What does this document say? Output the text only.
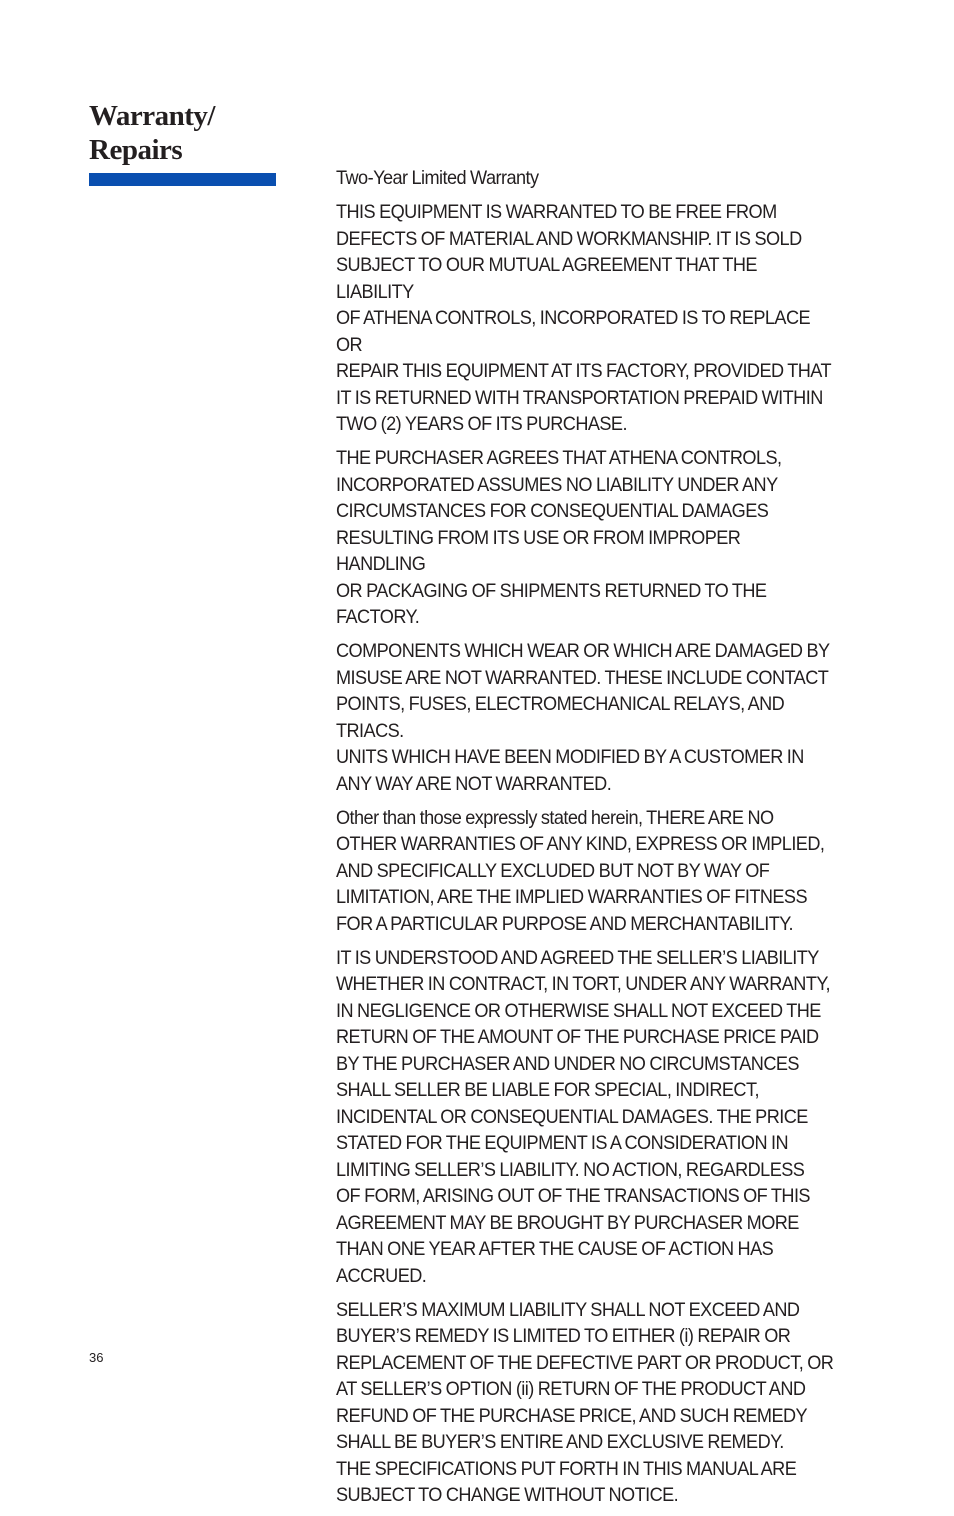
Warranty/
Repairs

Two-Year Limited Warranty

THIS EQUIPMENT IS WARRANTED TO BE FREE FROM
DEFECTS OF MATERIAL AND WORKMANSHIP. IT IS SOLD
SUBJECT TO OUR MUTUAL AGREEMENT THAT THE LIABILITY
OF ATHENA CONTROLS, INCORPORATED IS TO REPLACE OR
REPAIR THIS EQUIPMENT AT ITS FACTORY, PROVIDED THAT
IT IS RETURNED WITH TRANSPORTATION PREPAID WITHIN
TWO (2) YEARS OF ITS PURCHASE.

THE PURCHASER AGREES THAT ATHENA CONTROLS,
INCORPORATED ASSUMES NO LIABILITY UNDER ANY
CIRCUMSTANCES FOR CONSEQUENTIAL DAMAGES
RESULTING FROM ITS USE OR FROM IMPROPER HANDLING
OR PACKAGING OF SHIPMENTS RETURNED TO THE FACTORY.

COMPONENTS WHICH WEAR OR WHICH ARE DAMAGED BY
MISUSE ARE NOT WARRANTED. THESE INCLUDE CONTACT
POINTS, FUSES, ELECTROMECHANICAL RELAYS, AND TRIACS.
UNITS WHICH HAVE BEEN MODIFIED BY A CUSTOMER IN
ANY WAY ARE NOT WARRANTED.

Other than those expressly stated herein, THERE ARE NO
OTHER WARRANTIES OF ANY KIND, EXPRESS OR IMPLIED,
AND SPECIFICALLY EXCLUDED BUT NOT BY WAY OF
LIMITATION, ARE THE IMPLIED WARRANTIES OF FITNESS
FOR A PARTICULAR PURPOSE AND MERCHANTABILITY.

IT IS UNDERSTOOD AND AGREED THE SELLER’S LIABILITY
WHETHER IN CONTRACT, IN TORT, UNDER ANY WARRANTY,
IN NEGLIGENCE OR OTHERWISE SHALL NOT EXCEED THE
RETURN OF THE AMOUNT OF THE PURCHASE PRICE PAID
BY THE PURCHASER AND UNDER NO CIRCUMSTANCES
SHALL SELLER BE LIABLE FOR SPECIAL, INDIRECT,
INCIDENTAL OR CONSEQUENTIAL DAMAGES. THE PRICE
STATED FOR THE EQUIPMENT IS A CONSIDERATION IN
LIMITING SELLER’S LIABILITY. NO ACTION, REGARDLESS
OF FORM, ARISING OUT OF THE TRANSACTIONS OF THIS
AGREEMENT MAY BE BROUGHT BY PURCHASER MORE
THAN ONE YEAR AFTER THE CAUSE OF ACTION HAS ACCRUED.

SELLER’S MAXIMUM LIABILITY SHALL NOT EXCEED AND
BUYER’S REMEDY IS LIMITED TO EITHER (i) REPAIR OR
REPLACEMENT OF THE DEFECTIVE PART OR PRODUCT, OR
AT SELLER’S OPTION (ii) RETURN OF THE PRODUCT AND
REFUND OF THE PURCHASE PRICE, AND SUCH REMEDY
SHALL BE BUYER’S ENTIRE AND EXCLUSIVE REMEDY.
THE SPECIFICATIONS PUT FORTH IN THIS MANUAL ARE
SUBJECT TO CHANGE WITHOUT NOTICE.

36
